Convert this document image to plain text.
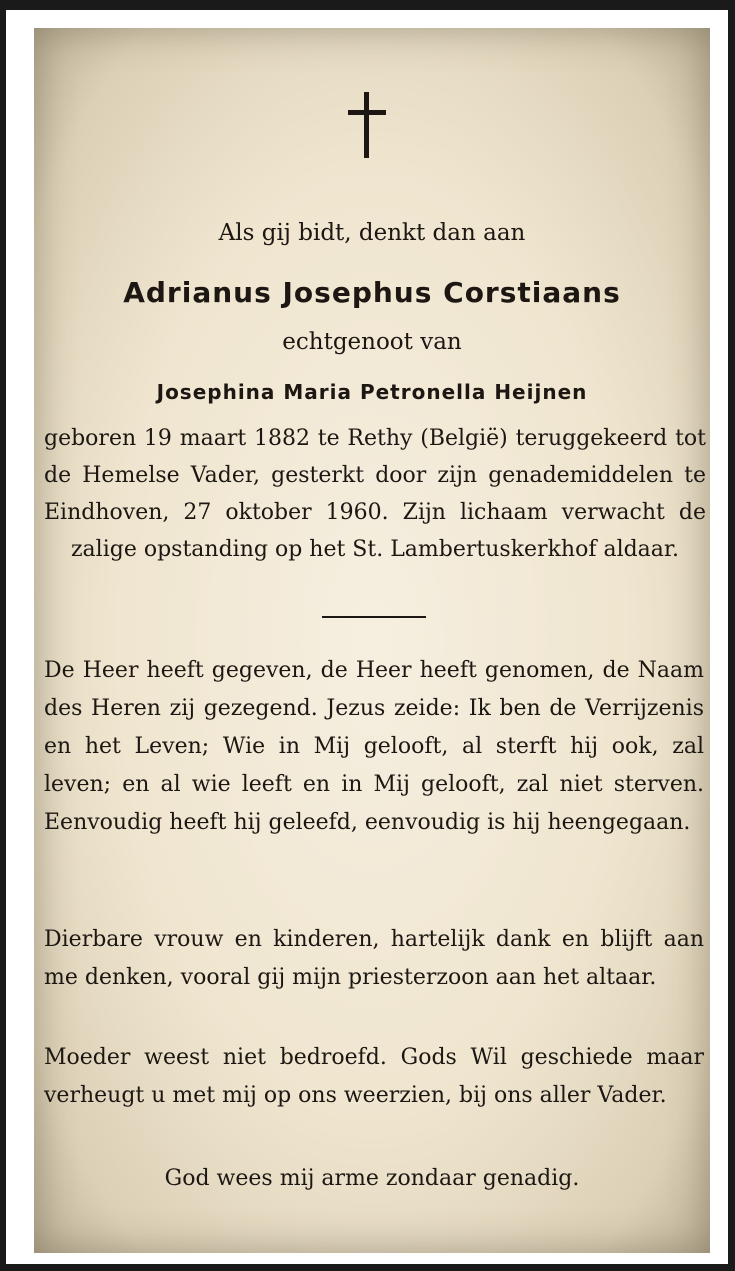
Als gij bidt, denkt dan aan
Adrianus Josephus Corstiaans
echtgenoot van
Josephina Maria Petronella Heijnen
geboren 19 maart 1882 te Rethy (België) teruggekeerd tot de Hemelse Vader, gesterkt door zijn genademiddelen te Eindhoven, 27 oktober 1960. Zijn lichaam verwacht de zalige opstanding op het St. Lambertuskerkhof aldaar.
De Heer heeft gegeven, de Heer heeft genomen, de Naam des Heren zij gezegend. Jezus zeide: Ik ben de Verrijzenis en het Leven; Wie in Mij gelooft, al sterft hij ook, zal leven; en al wie leeft en in Mij gelooft, zal niet sterven. Eenvoudig heeft hij geleefd, eenvoudig is hij heengegaan.
Dierbare vrouw en kinderen, hartelijk dank en blijft aan me denken, vooral gij mijn priesterzoon aan het altaar.
Moeder weest niet bedroefd. Gods Wil geschiede maar verheugt u met mij op ons weerzien, bij ons aller Vader.
God wees mij arme zondaar genadig.
